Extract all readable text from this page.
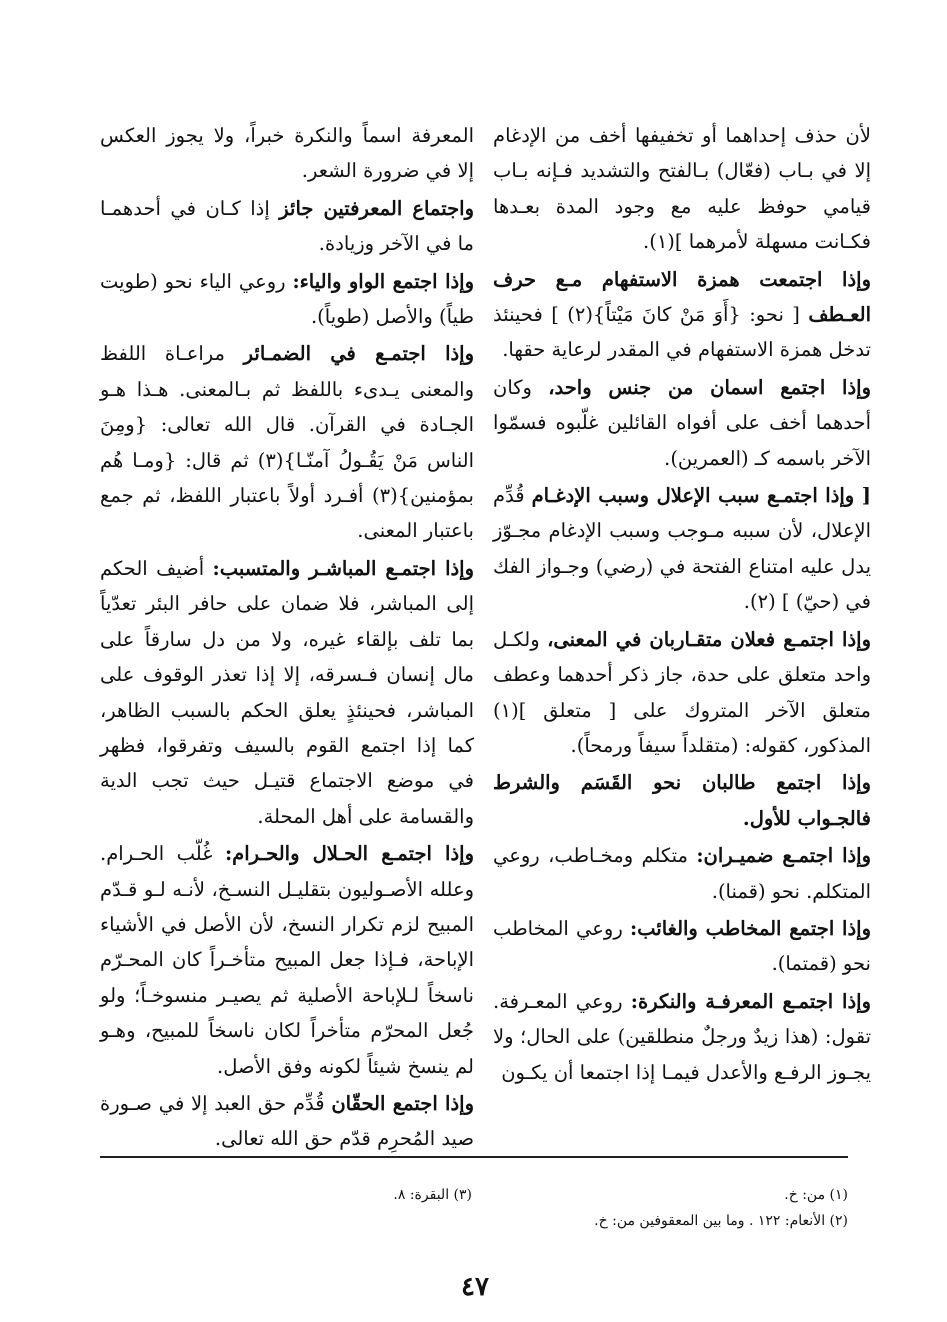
لأن حذف إحداهما أو تخفيفها أخف من الإدغام إلا في بـاب (فعّال) بـالفتح والتشديد فـإنه بـاب قيامي حوفظ عليه مع وجود المدة بعـدها فكـانت مسهلة لأمرهما ](١).

وإذا اجتمعت همزة الاستفهام مـع حرف العـطف [ نحو: {أَوَ مَنْ كانَ مَيْتاً}(٢) ] فحينئذ تدخل همزة الاستفهام في المقدر لرعاية حقها.

وإذا اجتمع اسمان من جنس واحد، وكان أحدهما أخف على أفواه القائلين غلّبوه فسمّوا الآخر باسمه كـ (العمرين).

[ وإذا اجتمـع سبب الإعلال وسبب الإدغـام قُدِّم الإعلال، لأن سببه مـوجب وسبب الإدغام مجـوّز يدل عليه امتناع الفتحة في (رضي) وجـواز الفك في (حيّ) ] (٢).

وإذا اجتمـع فعلان متقـاربان في المعنى، ولكـل واحد متعلق على حدة، جاز ذكر أحدهما وعطف متعلق الآخر المتروك على [ متعلق ](١) المذكور، كقوله: (متقلداً سيفاً ورمحاً).

وإذا اجتمع طالبان نحو القَسَم والشرط فالجـواب للأول.

وإذا اجتمـع ضميـران: متكلم ومخـاطب، روعي المتكلم. نحو (قمنا).

وإذا اجتمع المخاطب والغائب: روعي المخاطب نحو (قمتما).

وإذا اجتمـع المعرفـة والنكرة: روعي المعـرفة. تقول: (هذا زيدٌ ورجلٌ منطلقين) على الحال؛ ولا يجـوز الرفـع والأعدل فيمـا إذا اجتمعا أن يكـون

المعرفة اسماً والنكرة خبراً، ولا يجوز العكس إلا في ضرورة الشعر.

واجتماع المعرفتين جائز إذا كـان في أحدهمـا ما في الآخر وزيادة.

وإذا اجتمع الواو والياء: روعي الياء نحو (طويت طياً) والأصل (طوياً).

وإذا اجتمـع في الضمـائر مراعـاة اللفظ والمعنى يـدىء باللفظ ثم بـالمعنى. هـذا هـو الجـادة في القرآن. قال الله تعالى: {ومِنَ الناس مَنْ يَقُـولُ آمنّـا}(٣) ثم قال: {ومـا هُم بمؤمنين}(٣) أفـرد أولاً باعتبار اللفظ، ثم جمع باعتبار المعنى.

وإذا اجتمـع المباشـر والمتسبب: أضيف الحكم إلى المباشر، فلا ضمان على حافر البئر تعدّياً بما تلف بإلقاء غيره، ولا من دل سارقاً على مال إنسان فـسرقه، إلا إذا تعذر الوقوف على المباشر، فحينئذٍ يعلق الحكم بالسبب الظاهر، كما إذا اجتمع القوم بالسيف وتفرقوا، فظهر في موضع الاجتماع قتيـل حيث تجب الدية والقسامة على أهل المحلة.

وإذا اجتمـع الحـلال والحـرام: غُلّب الحـرام. وعلله الأصـوليون بتقليـل النسـخ، لأنـه لـو قـدّم المبيح لزم تكرار النسخ، لأن الأصل في الأشياء الإباحة، فـإذا جعل المبيح متأخـراً كان المحـرّم ناسخاً لـلإباحة الأصلية ثم يصيـر منسوخـاً؛ ولو جُعل المحرّم متأخراً لكان ناسخاً للمبيح، وهـو لم ينسخ شيئاً لكونه وفق الأصل.

وإذا اجتمع الحقّان قُدِّم حق العبد إلا في صـورة صيد المُحرِم قدّم حق الله تعالى.

(١) من: خ.
(٢) الأنعام: ١٢٢ . وما بين المعقوفين من: خ.
(٣) البقرة: ٨.
٤٧
